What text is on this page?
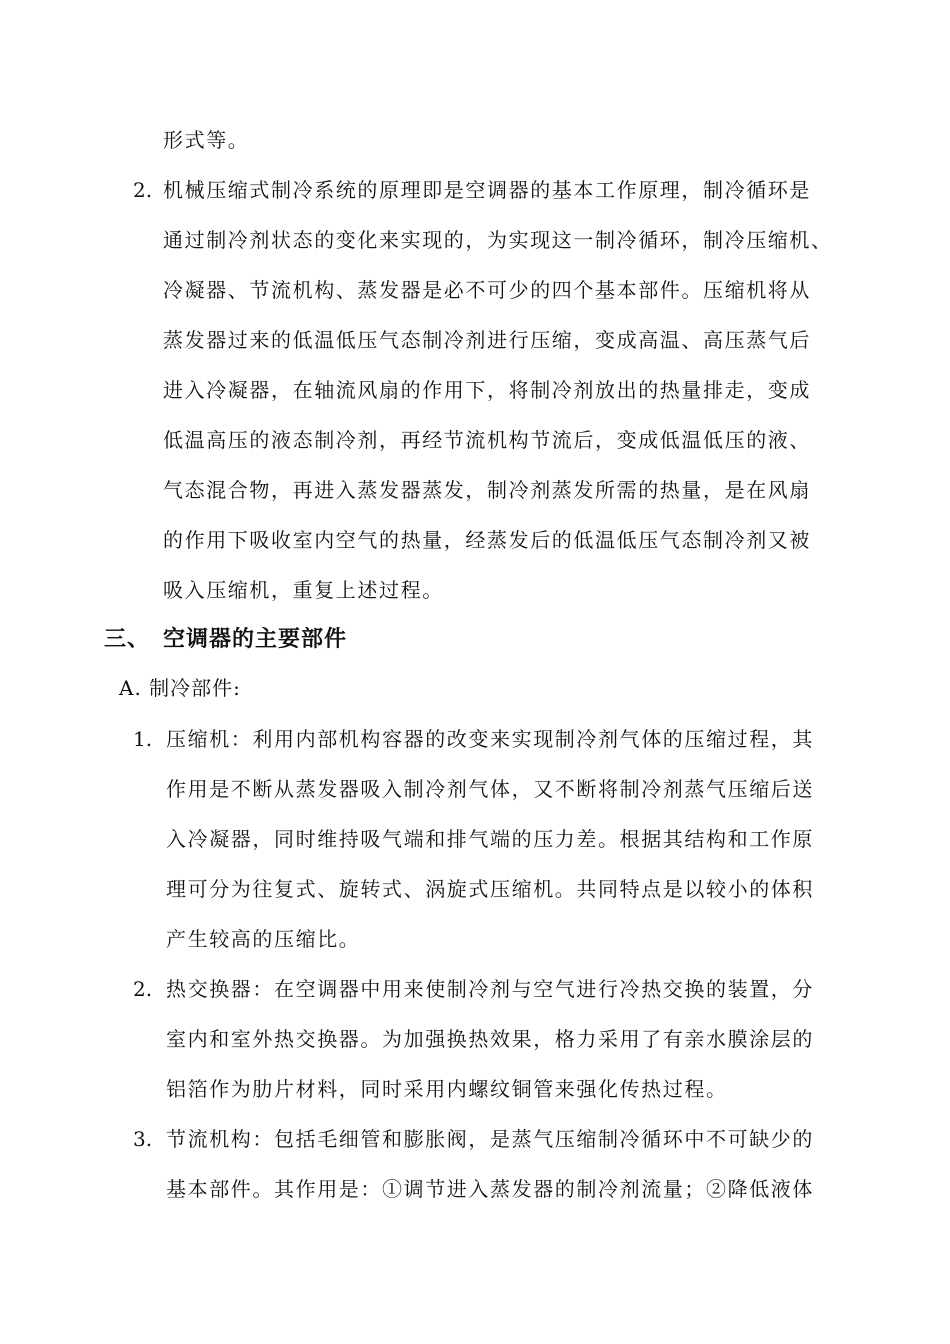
形式等。
2. 机械压缩式制冷系统的原理即是空调器的基本工作原理，制冷循环是
通过制冷剂状态的变化来实现的，为实现这一制冷循环，制冷压缩机、
冷凝器、节流机构、蒸发器是必不可少的四个基本部件。压缩机将从
蒸发器过来的低温低压气态制冷剂进行压缩，变成高温、高压蒸气后
进入冷凝器，在轴流风扇的作用下，将制冷剂放出的热量排走，变成
低温高压的液态制冷剂，再经节流机构节流后，变成低温低压的液、
气态混合物，再进入蒸发器蒸发，制冷剂蒸发所需的热量，是在风扇
的作用下吸收室内空气的热量，经蒸发后的低温低压气态制冷剂又被
吸入压缩机，重复上述过程。
三、 空调器的主要部件
A. 制冷部件:
1. 压缩机：利用内部机构容器的改变来实现制冷剂气体的压缩过程，其
作用是不断从蒸发器吸入制冷剂气体，又不断将制冷剂蒸气压缩后送
入冷凝器，同时维持吸气端和排气端的压力差。根据其结构和工作原
理可分为往复式、旋转式、涡旋式压缩机。共同特点是以较小的体积
产生较高的压缩比。
2. 热交换器：在空调器中用来使制冷剂与空气进行冷热交换的装置，分
室内和室外热交换器。为加强换热效果，格力采用了有亲水膜涂层的
铝箔作为肋片材料，同时采用内螺纹铜管来强化传热过程。
3. 节流机构：包括毛细管和膨胀阀，是蒸气压缩制冷循环中不可缺少的
基本部件。其作用是：①调节进入蒸发器的制冷剂流量；②降低液体
